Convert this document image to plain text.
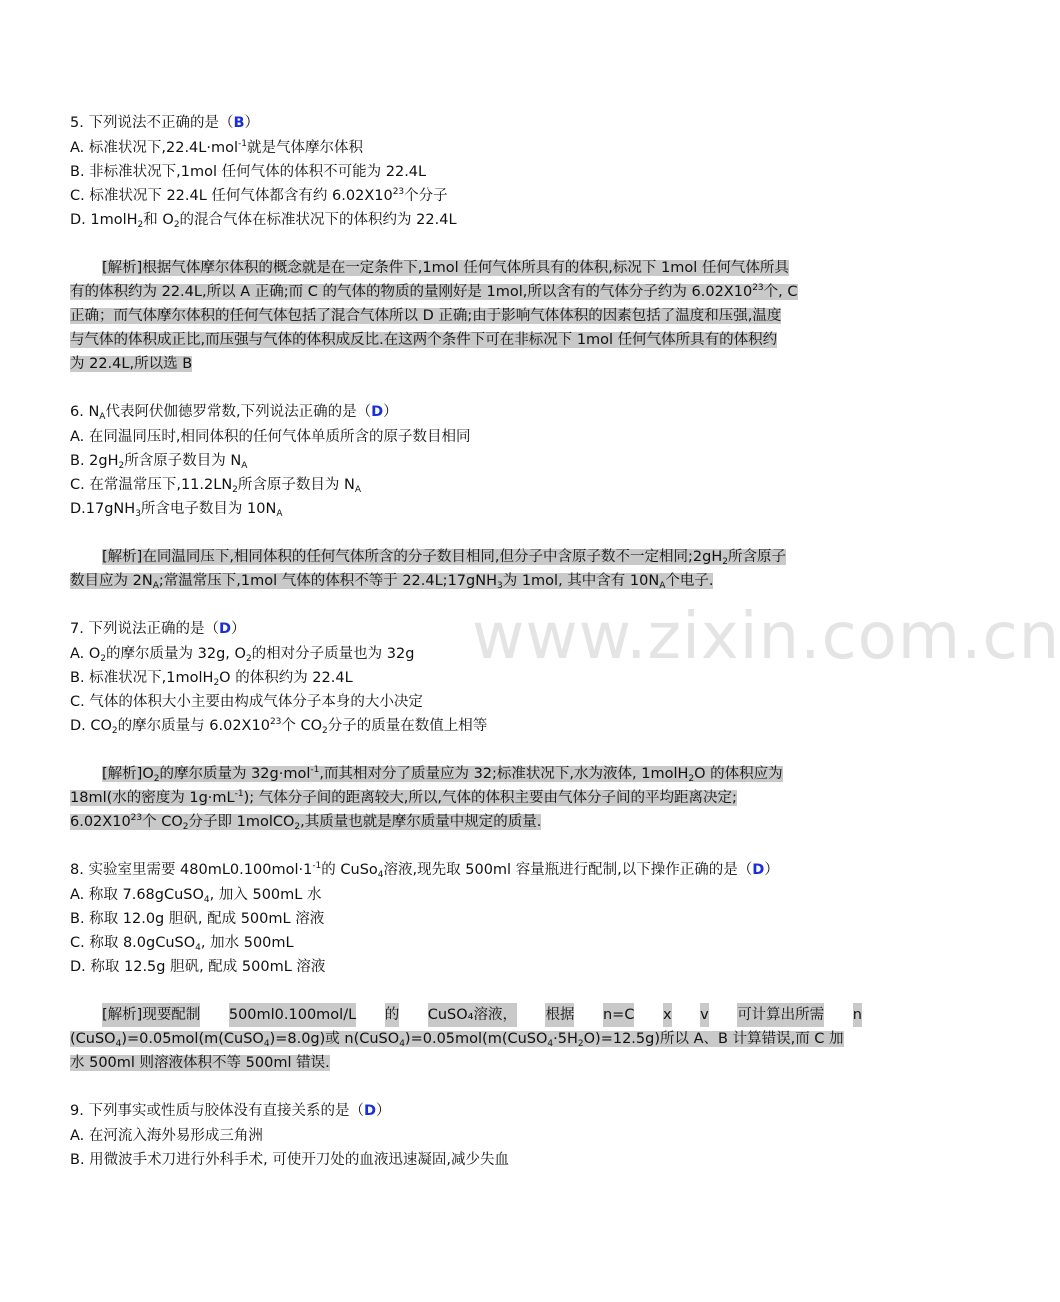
www.zixin.com.cn
5. 下列说法不正确的是（B）
A. 标准状况下,22.4L·mol$^{-1}$就是气体摩尔体积
B. 非标准状况下,1mol 任何气体的体积不可能为 22.4L
C. 标准状况下 22.4L 任何气体都含有约 $6.02X10^{23}$个分子
D. 1molH$_2$和 $O_2$的混合气体在标准状况下的体积约为 22.4L
[解析]根据气体摩尔体积的概念就是在一定条件下,1mol 任何气体所具有的体积,标况下 1mol 任何气体所具
有的体积约为 22.4L,所以 A 正确;而 C 的气体的物质的量刚好是 1mol,所以含有的气体分子约为 $6.02X10^{23}$个, C
正确；而气体摩尔体积的任何气体包括了混合气体所以 D 正确;由于影响气体体积的因素包括了温度和压强,温度
与气体的体积成正比,而压强与气体的体积成反比.在这两个条件下可在非标况下 1mol 任何气体所具有的体积约
为 22.4L,所以选 B
6. $N_A$代表阿伏伽德罗常数,下列说法正确的是（D）
A. 在同温同压时,相同体积的任何气体单质所含的原子数目相同
B. $2gH_2$所含原子数目为 $N_A$
C. 在常温常压下$,11.2LN_2$所含原子数目为 $N_A$
D.17gNH$_3$所含电子数目为 $10N_A$
[解析]在同温同压下,相同体积的任何气体所含的分子数目相同,但分子中含原子数不一定相同$;2gH_2$所含原子
数目应为 $2N_A$;常温常压下,1mol 气体的体积不等于 22.4L;17gNH$_3$为 1mol, 其中含有 $10N_A$个电子.
7. 下列说法正确的是（D）
A. $O_2$的摩尔质量为 32g, $O_2$的相对分子质量也为 32g
B. 标准状况下,1molH$_2$O 的体积约为 22.4L
C. 气体的体积大小主要由构成气体分子本身的大小决定
D. $CO_2$的摩尔质量与 $6.02X10^{23}$个 $CO_2$分子的质量在数值上相等
[解析]$O_2$的摩尔质量为 32g·mol$^{-1}$,而其相对分了质量应为 32;标准状况下,水为液体, 1molH$_2$O 的体积应为
18ml(水的密度为 $1g\cdot mL^{-1}$); 气体分子间的距离较大,所以,气体的体积主要由气体分子间的平均距离决定;
$6.02X10^{23}$个 $CO_2$分子即 1molCO$_2$,其质量也就是摩尔质量中规定的质量.
8. 实验室里需要 $480mL0.100mol\cdot 1^{-1}$的 CuSo$_4$溶液,现先取 500ml 容量瓶进行配制,以下操作正确的是（D）
A. 称取 7.68gCuSO$_4$, 加入 500mL 水
B. 称取 12.0g 胆矾, 配成 500mL 溶液
C. 称取 8.0gCuSO$_4$, 加水 500mL
D. 称取 12.5g 胆矾, 配成 500mL 溶液
[解析]现要配制 500ml0.100mol/L 的 CuSO₄溶液， 根据 n=C x v 可计算出所需 n
(CuSO$_4$)=0.05mol(m(CuSO$_4$)=8.0g)或 $n(CuSO_4)=0.05mol(m(CuSO_4\cdot 5H_2O)=12.5g)$所以 A、B 计算错误,而 C 加
水 500ml 则溶液体积不等 500ml 错误.
9. 下列事实或性质与胶体没有直接关系的是（D）
A. 在河流入海外易形成三角洲
B. 用微波手术刀进行外科手术, 可使开刀处的血液迅速凝固,减少失血
